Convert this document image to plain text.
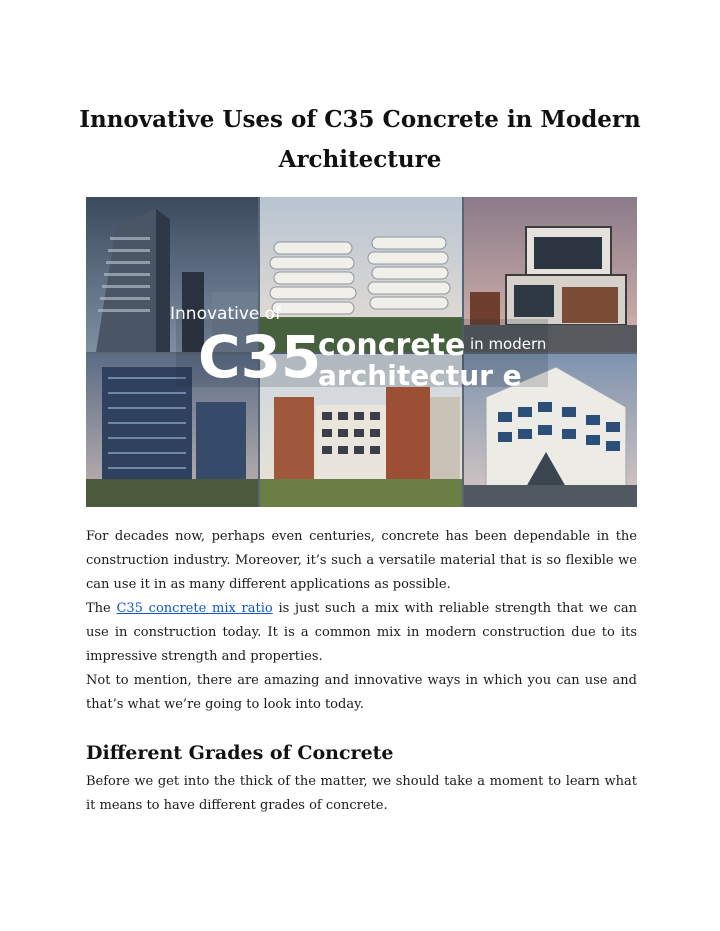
Innovative Uses of C35 Concrete in Modern Architecture
Innovative of
C35
concrete in modern
architectur e

For decades now, perhaps even centuries, concrete has been dependable in the construction industry. Moreover, it’s such a versatile material that is so flexible we can use it in as many different applications as possible.

The C35 concrete mix ratio is just such a mix with reliable strength that we can use in construction today. It is a common mix in modern construction due to its impressive strength and properties.

Not to mention, there are amazing and innovative ways in which you can use and that’s what we’re going to look into today.

Different Grades of Concrete

Before we get into the thick of the matter, we should take a moment to learn what it means to have different grades of concrete.
